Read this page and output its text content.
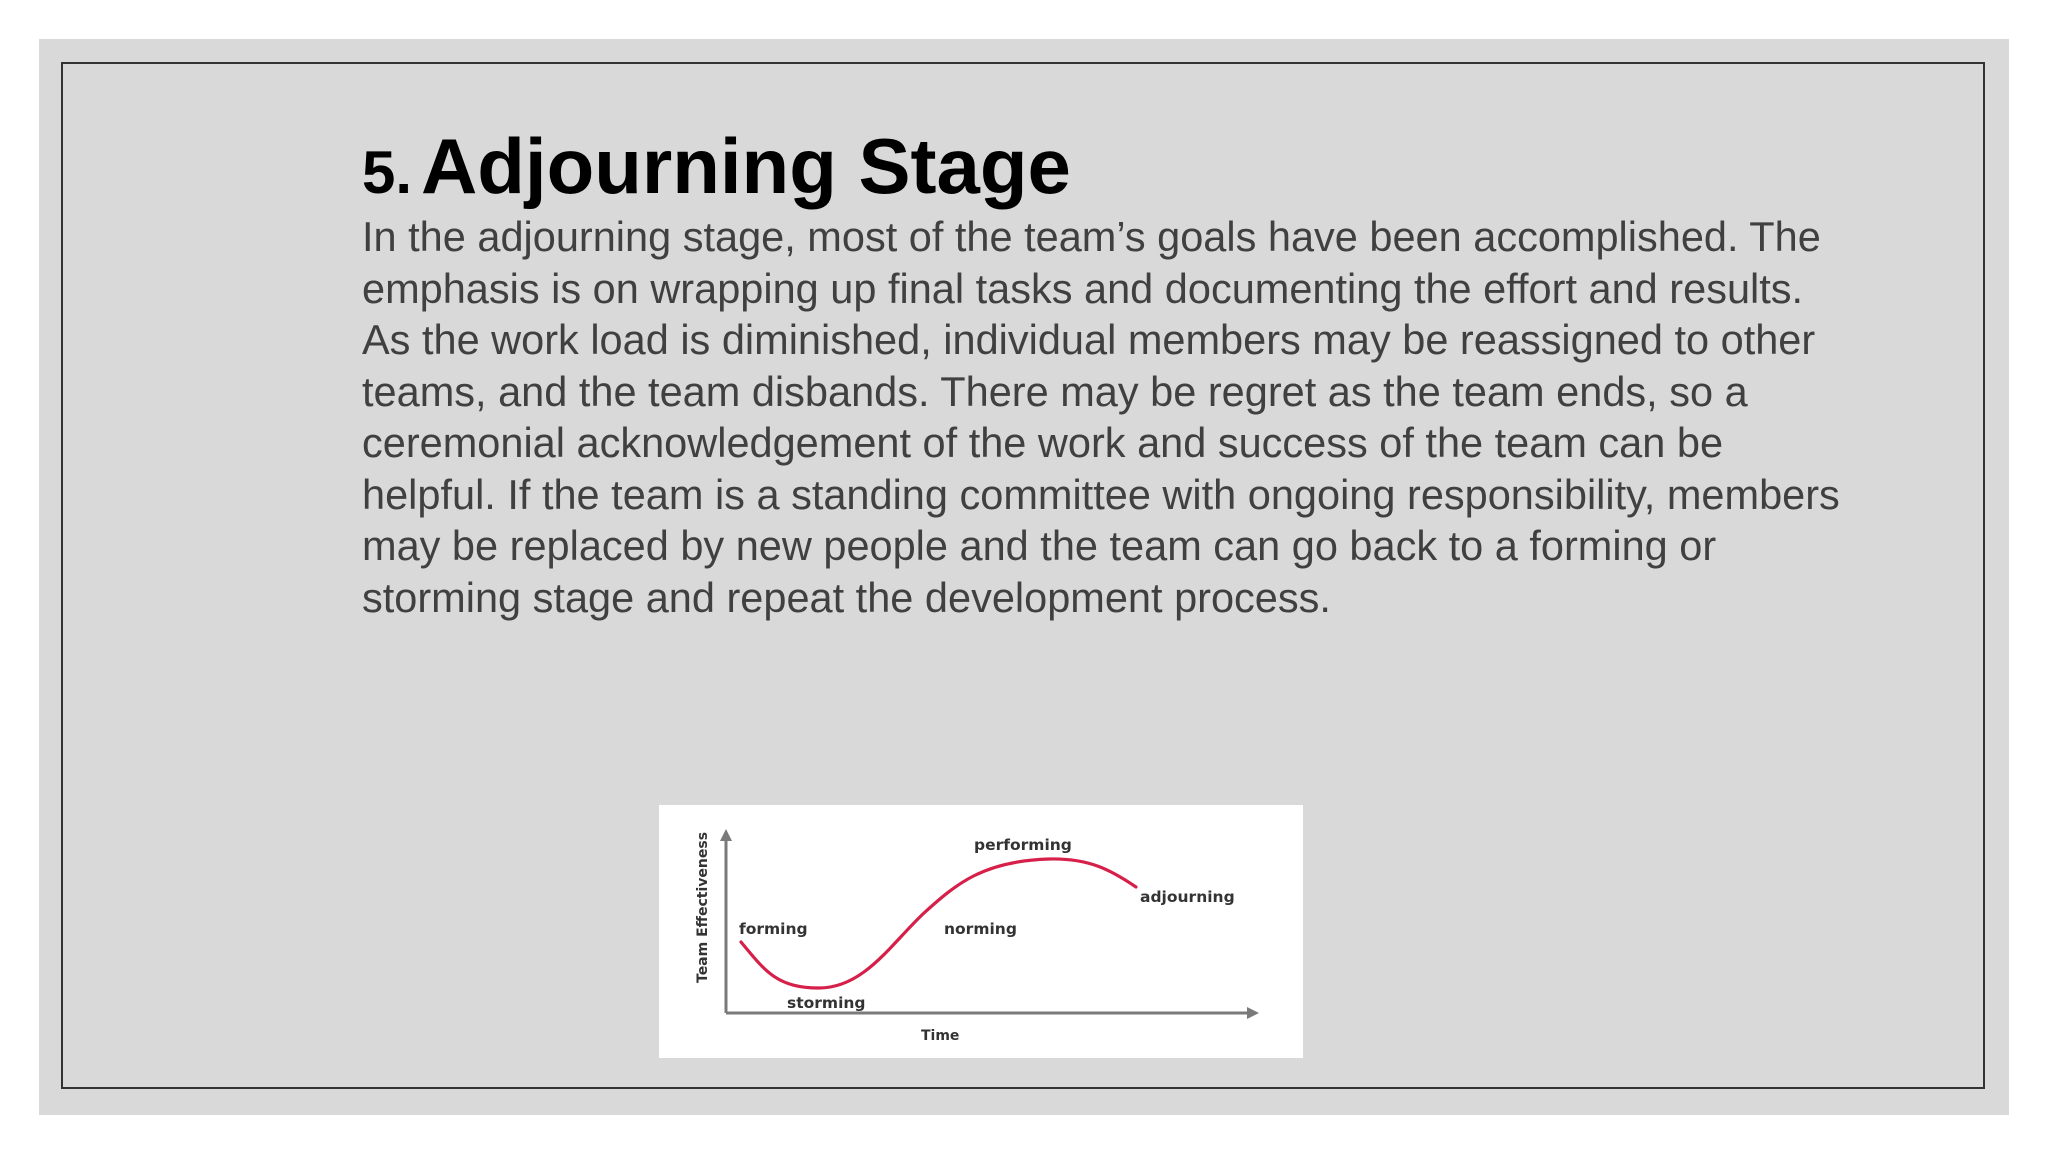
5. Adjourning Stage

In the adjourning stage, most of the team’s goals have been accomplished. The emphasis is on wrapping up final tasks and documenting the effort and results. As the work load is diminished, individual members may be reassigned to other teams, and the team disbands. There may be regret as the team ends, so a ceremonial acknowledgement of the work and success of the team can be helpful. If the team is a standing committee with ongoing responsibility, members may be replaced by new people and the team can go back to a forming or storming stage and repeat the development process.

forming
storming
norming
performing
adjourning
Team Effectiveness
Time
